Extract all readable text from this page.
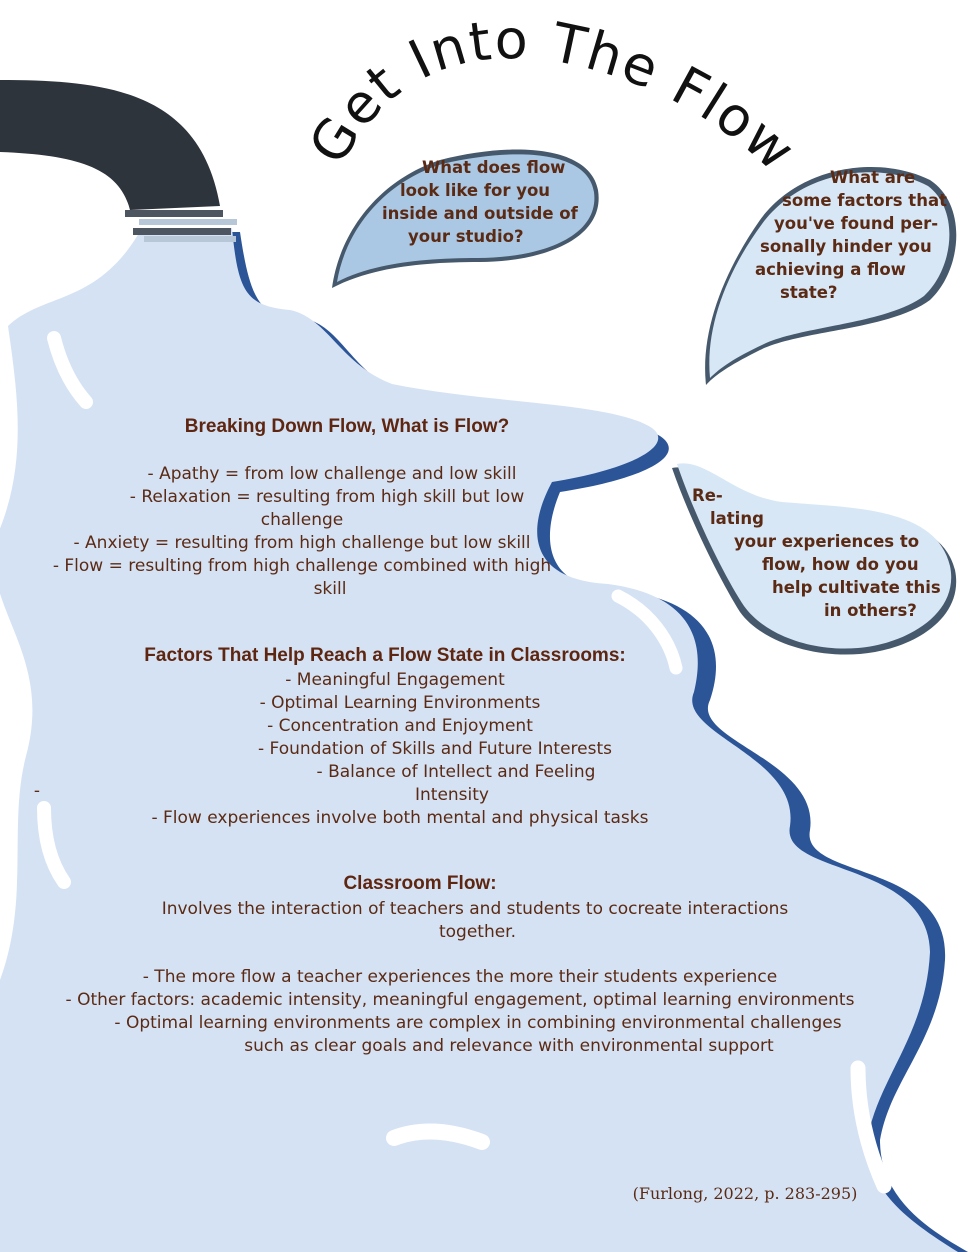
Get Into The Flow
What does flow
look like for you
inside and outside of
your studio?
What are
some factors that
you've found per-
sonally hinder you
achieving a flow
state?
Re-
lating
your experiences to
flow, how do you
help cultivate this
in others?
Breaking Down Flow, What is Flow?
- Apathy = from low challenge and low skill
- Relaxation = resulting from high skill but low
challenge
- Anxiety = resulting from high challenge but low skill
- Flow = resulting from high challenge combined with high
skill
Factors That Help Reach a Flow State in Classrooms:
- Meaningful Engagement
- Optimal Learning Environments
- Concentration and Enjoyment
- Foundation of Skills and Future Interests
- Balance of Intellect and Feeling
Intensity
- Flow experiences involve both mental and physical tasks
-
Classroom Flow:
Involves the interaction of teachers and students to cocreate interactions
together.
- The more flow a teacher experiences the more their students experience
- Other factors: academic intensity, meaningful engagement, optimal learning environments
- Optimal learning environments are complex in combining environmental challenges
such as clear goals and relevance with environmental support
(Furlong, 2022, p. 283-295)
